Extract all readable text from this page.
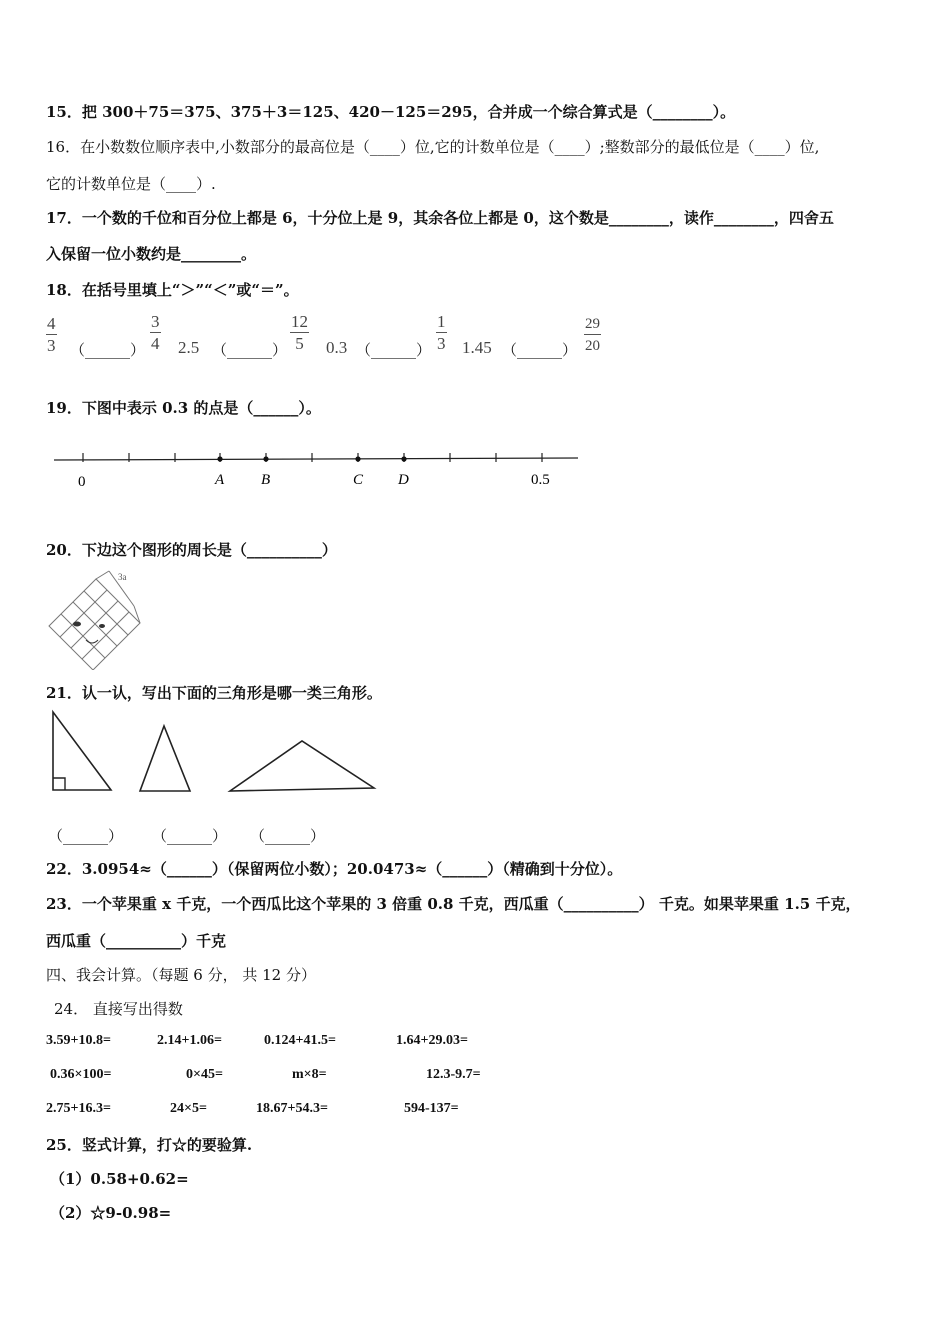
15．把 300＋75＝375、375＋3＝125、420－125＝295，合并成一个综合算式是（________）。
16．在小数数位顺序表中,小数部分的最高位是（____）位,它的计数单位是（____）;整数部分的最低位是（____）位,
它的计数单位是（____）.
17．一个数的千位和百分位上都是 6，十分位上是 9，其余各位上都是 0，这个数是________，读作________，四舍五
入保留一位小数约是________。
18．在括号里填上“＞”“＜”或“＝”。
$\frac{4}{3}$ （______） $\frac{3}{4} 2.5$ （______） $\frac{12}{5} 0.3$ （______） $\frac{1}{3} 1.45$ （______） $\frac{29}{20}$
19．下图中表示 0.3 的点是（______）。
0	A B	C D	0.5
20．下边这个图形的周长是（__________）
3a
21．认一认，写出下面的三角形是哪一类三角形。
（______） （______） （______）
22．3.0954≈（______）（保留两位小数）；20.0473≈（______）（精确到十分位）。
23．一个苹果重 x 千克，一个西瓜比这个苹果的 3 倍重 0.8 千克，西瓜重（__________） 千克。如果苹果重 1.5 千克，
西瓜重（__________）千克
四、我会计算。（每题 6 分， 共 12 分）
24． 直接写出得数
3.59+10.8=	2.14+1.06=	0.124+41.5=	1.64+29.03=
0.36×100=	0×45=	m×8=	12.3-9.7=
2.75+16.3=	24×5=	18.67+54.3=	594-137=
25．竖式计算，打☆的要验算.
（1）0.58+0.62=
（2）☆9-0.98=
